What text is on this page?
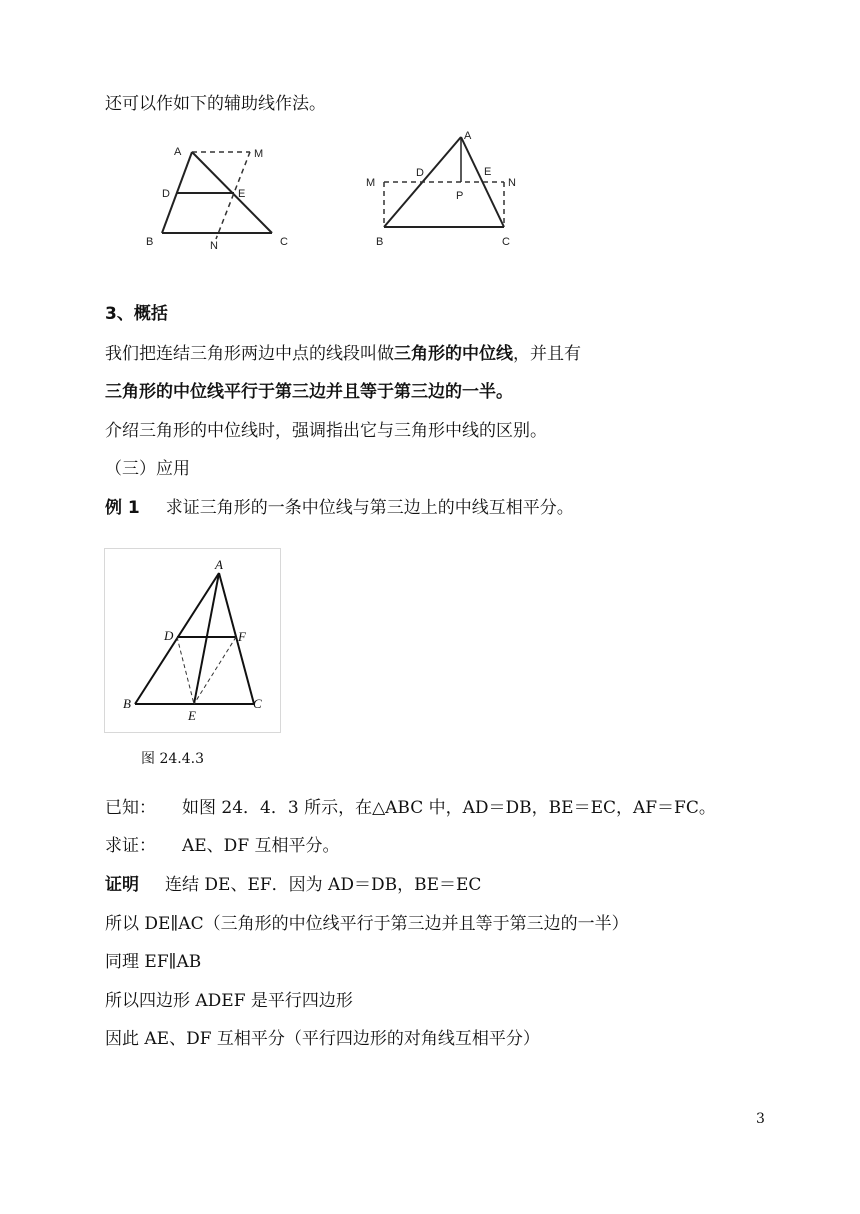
还可以作如下的辅助线作法。
A	M
D	E
B	N	C
A
D	E
M	N
P
B	C
3、概括
我们把连结三角形两边中点的线段叫做三角形的中位线，并且有
三角形的中位线平行于第三边并且等于第三边的一半。
介绍三角形的中位线时，强调指出它与三角形中线的区别。
（三）应用
例 1 求证三角形的一条中位线与第三边上的中线互相平分。
A
D	F
B
E
C
图 24.4.3
已知： 如图 24．4．3 所示，在△ABC 中，AD＝DB，BE＝EC，AF＝FC。
求证： AE、DF 互相平分。
证明 连结 DE、EF．因为 AD＝DB，BE＝EC
所以 DE∥AC（三角形的中位线平行于第三边并且等于第三边的一半）
同理 EF∥AB
所以四边形 ADEF 是平行四边形
因此 AE、DF 互相平分（平行四边形的对角线互相平分）
3
